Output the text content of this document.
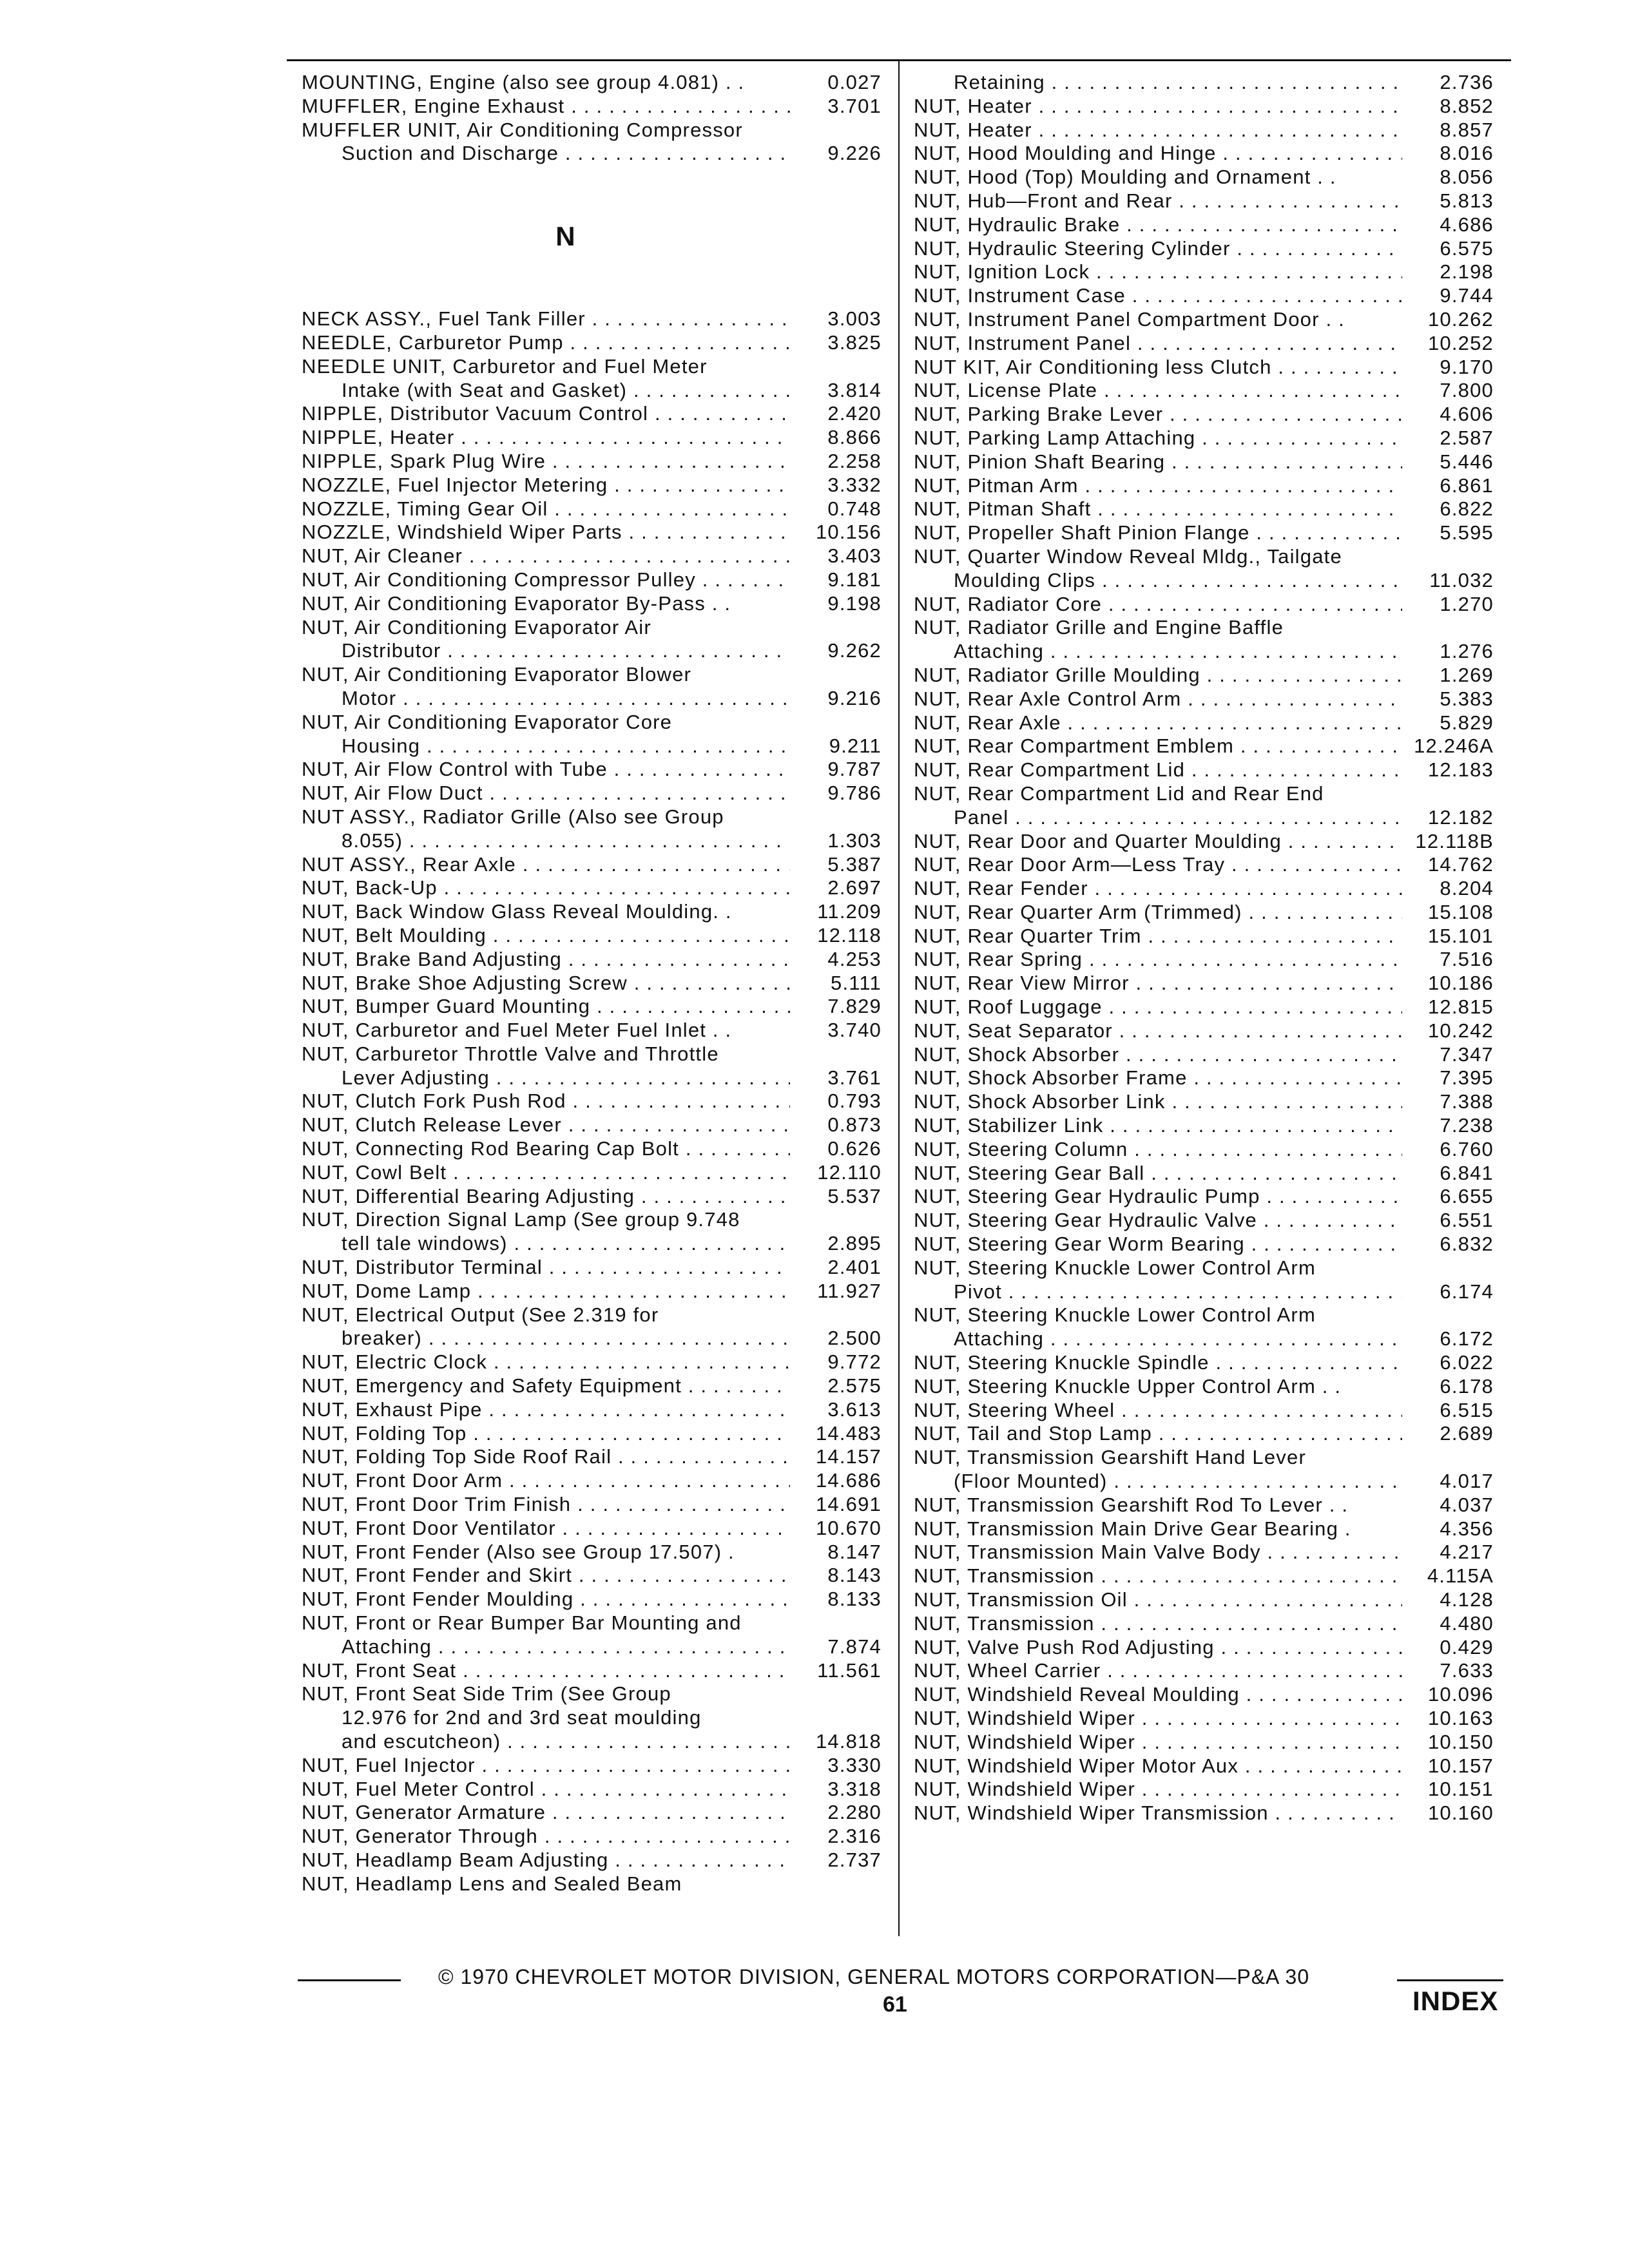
MOUNTING, Engine (also see group 4.081) . .	0.027
MUFFLER, Engine Exhaust . . .	3.701
MUFFLER UNIT, Air Conditioning Compressor
Suction and Discharge . . .	9.226
N
NECK ASSY., Fuel Tank Filler . . .	3.003
NEEDLE, Carburetor Pump . . .	3.825
NEEDLE UNIT, Carburetor and Fuel Meter
Intake (with Seat and Gasket) . . .	3.814
NIPPLE, Distributor Vacuum Control . . .	2.420
NIPPLE, Heater . . .	8.866
NIPPLE, Spark Plug Wire . . .	2.258
NOZZLE, Fuel Injector Metering . . .	3.332
NOZZLE, Timing Gear Oil . . .	0.748
NOZZLE, Windshield Wiper Parts . . .	10.156
NUT, Air Cleaner . . .	3.403
NUT, Air Conditioning Compressor Pulley . . .	9.181
NUT, Air Conditioning Evaporator By-Pass . .	9.198
NUT, Air Conditioning Evaporator Air
Distributor . . .	9.262
NUT, Air Conditioning Evaporator Blower
Motor . . .	9.216
NUT, Air Conditioning Evaporator Core
Housing . . .	9.211
NUT, Air Flow Control with Tube . . .	9.787
NUT, Air Flow Duct . . .	9.786
NUT ASSY., Radiator Grille (Also see Group
8.055) . . .	1.303
NUT ASSY., Rear Axle . . .	5.387
NUT, Back-Up . . .	2.697
NUT, Back Window Glass Reveal Moulding. .	11.209
NUT, Belt Moulding . . .	12.118
NUT, Brake Band Adjusting . . .	4.253
NUT, Brake Shoe Adjusting Screw . . .	5.111
NUT, Bumper Guard Mounting . . .	7.829
NUT, Carburetor and Fuel Meter Fuel Inlet . .	3.740
NUT, Carburetor Throttle Valve and Throttle
Lever Adjusting . . .	3.761
NUT, Clutch Fork Push Rod . . .	0.793
NUT, Clutch Release Lever . . .	0.873
NUT, Connecting Rod Bearing Cap Bolt . . .	0.626
NUT, Cowl Belt . . .	12.110
NUT, Differential Bearing Adjusting . . .	5.537
NUT, Direction Signal Lamp (See group 9.748
tell tale windows) . . .	2.895
NUT, Distributor Terminal . . .	2.401
NUT, Dome Lamp . . .	11.927
NUT, Electrical Output (See 2.319 for
breaker) . . .	2.500
NUT, Electric Clock . . .	9.772
NUT, Emergency and Safety Equipment . . .	2.575
NUT, Exhaust Pipe . . .	3.613
NUT, Folding Top . . .	14.483
NUT, Folding Top Side Roof Rail . . .	14.157
NUT, Front Door Arm . . .	14.686
NUT, Front Door Trim Finish . . .	14.691
NUT, Front Door Ventilator . . .	10.670
NUT, Front Fender (Also see Group 17.507) .	8.147
NUT, Front Fender and Skirt . . .	8.143
NUT, Front Fender Moulding . . .	8.133
NUT, Front or Rear Bumper Bar Mounting and
Attaching . . .	7.874
NUT, Front Seat . . .	11.561
NUT, Front Seat Side Trim (See Group
12.976 for 2nd and 3rd seat moulding
and escutcheon) . . .	14.818
NUT, Fuel Injector . . .	3.330
NUT, Fuel Meter Control . . .	3.318
NUT, Generator Armature . . .	2.280
NUT, Generator Through . . .	2.316
NUT, Headlamp Beam Adjusting . . .	2.737
NUT, Headlamp Lens and Sealed Beam
Retaining . . .	2.736
NUT, Heater . . .	8.852
NUT, Heater . . .	8.857
NUT, Hood Moulding and Hinge . . .	8.016
NUT, Hood (Top) Moulding and Ornament . .	8.056
NUT, Hub—Front and Rear . . .	5.813
NUT, Hydraulic Brake . . .	4.686
NUT, Hydraulic Steering Cylinder . . .	6.575
NUT, Ignition Lock . . .	2.198
NUT, Instrument Case . . .	9.744
NUT, Instrument Panel Compartment Door . .	10.262
NUT, Instrument Panel . . .	10.252
NUT KIT, Air Conditioning less Clutch . . .	9.170
NUT, License Plate . . .	7.800
NUT, Parking Brake Lever . . .	4.606
NUT, Parking Lamp Attaching . . .	2.587
NUT, Pinion Shaft Bearing . . .	5.446
NUT, Pitman Arm . . .	6.861
NUT, Pitman Shaft . . .	6.822
NUT, Propeller Shaft Pinion Flange . . .	5.595
NUT, Quarter Window Reveal Mldg., Tailgate
Moulding Clips . . .	11.032
NUT, Radiator Core . . .	1.270
NUT, Radiator Grille and Engine Baffle
Attaching . . .	1.276
NUT, Radiator Grille Moulding . . .	1.269
NUT, Rear Axle Control Arm . . .	5.383
NUT, Rear Axle . . .	5.829
NUT, Rear Compartment Emblem . . .	12.246A
NUT, Rear Compartment Lid . . .	12.183
NUT, Rear Compartment Lid and Rear End
Panel . . .	12.182
NUT, Rear Door and Quarter Moulding . . .	12.118B
NUT, Rear Door Arm—Less Tray . . .	14.762
NUT, Rear Fender . . .	8.204
NUT, Rear Quarter Arm (Trimmed) . . .	15.108
NUT, Rear Quarter Trim . . .	15.101
NUT, Rear Spring . . .	7.516
NUT, Rear View Mirror . . .	10.186
NUT, Roof Luggage . . .	12.815
NUT, Seat Separator . . .	10.242
NUT, Shock Absorber . . .	7.347
NUT, Shock Absorber Frame . . .	7.395
NUT, Shock Absorber Link . . .	7.388
NUT, Stabilizer Link . . .	7.238
NUT, Steering Column . . .	6.760
NUT, Steering Gear Ball . . .	6.841
NUT, Steering Gear Hydraulic Pump . . .	6.655
NUT, Steering Gear Hydraulic Valve . . .	6.551
NUT, Steering Gear Worm Bearing . . .	6.832
NUT, Steering Knuckle Lower Control Arm
Pivot . . .	6.174
NUT, Steering Knuckle Lower Control Arm
Attaching . . .	6.172
NUT, Steering Knuckle Spindle . . .	6.022
NUT, Steering Knuckle Upper Control Arm . .	6.178
NUT, Steering Wheel . . .	6.515
NUT, Tail and Stop Lamp . . .	2.689
NUT, Transmission Gearshift Hand Lever
(Floor Mounted) . . .	4.017
NUT, Transmission Gearshift Rod To Lever . .	4.037
NUT, Transmission Main Drive Gear Bearing .	4.356
NUT, Transmission Main Valve Body . . .	4.217
NUT, Transmission . . .	4.115A
NUT, Transmission Oil . . .	4.128
NUT, Transmission . . .	4.480
NUT, Valve Push Rod Adjusting . . .	0.429
NUT, Wheel Carrier . . .	7.633
NUT, Windshield Reveal Moulding . . .	10.096
NUT, Windshield Wiper . . .	10.163
NUT, Windshield Wiper . . .	10.150
NUT, Windshield Wiper Motor Aux . . .	10.157
NUT, Windshield Wiper . . .	10.151
NUT, Windshield Wiper Transmission . . .	10.160
© 1970 CHEVROLET MOTOR DIVISION, GENERAL MOTORS CORPORATION—P&A 30
61	INDEX
